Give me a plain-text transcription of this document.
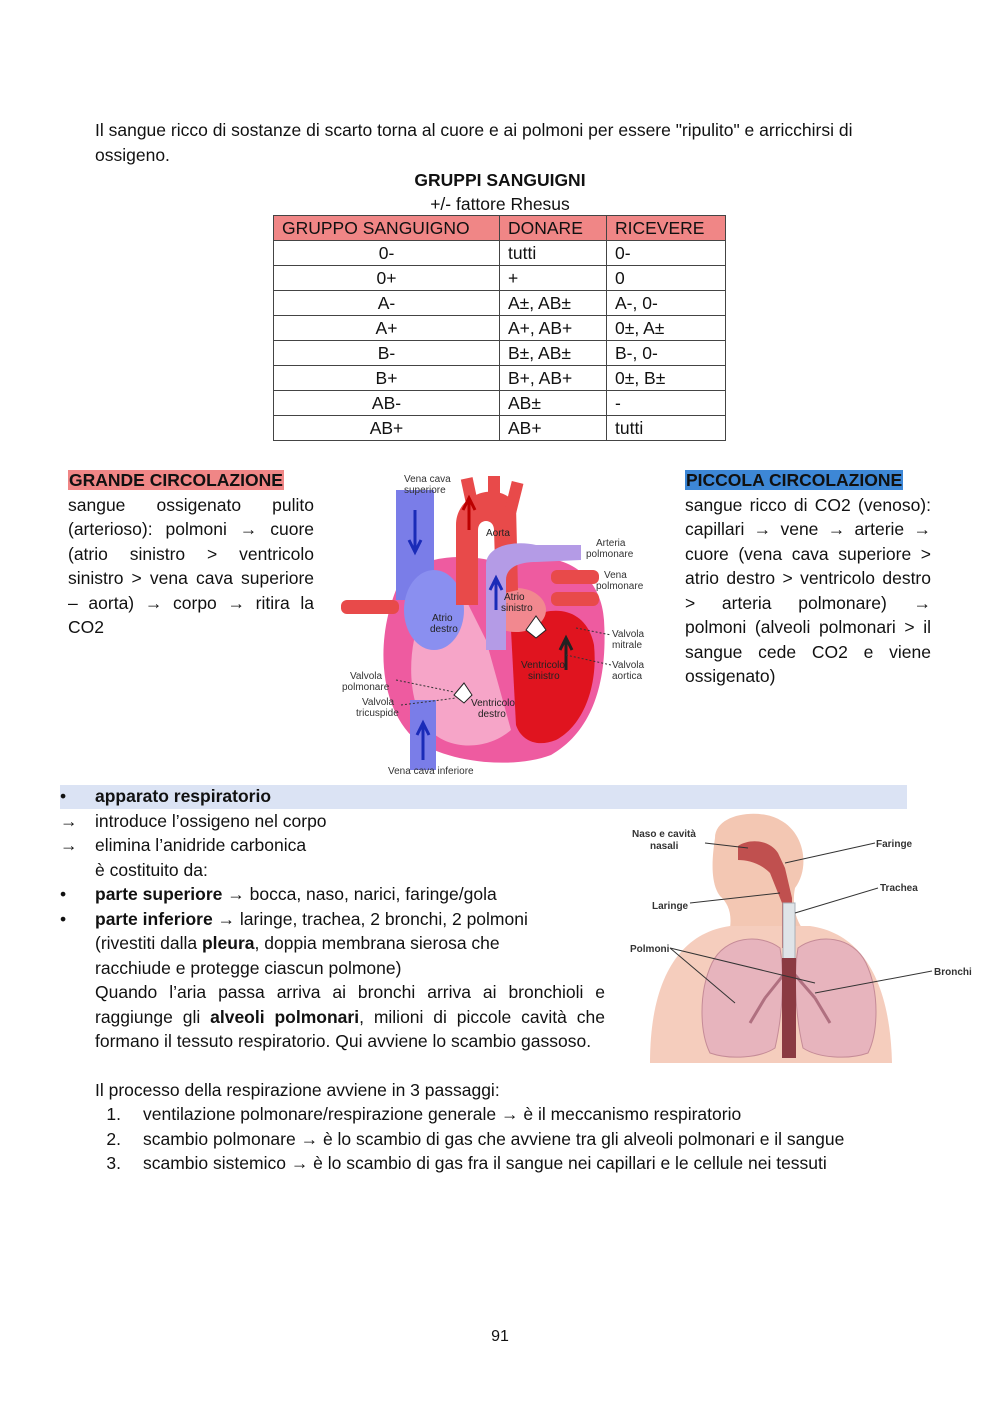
Il sangue ricco di sostanze di scarto torna al cuore e ai polmoni per essere "ripulito" e arricchirsi di
ossigeno.
GRUPPI SANGUIGNI
+/- fattore Rhesus
GRUPPO SANGUIGNO	DONARE	RICEVERE
0-	tutti	0-
0+	+	0
A-	A±, AB±	A-, 0-
A+	A+, AB+	0±, A±
B-	B±, AB±	B-, 0-
B+	B+, AB+	0±, B±
AB-	AB±	-
AB+	AB+	tutti
GRANDE CIRCOLAZIONE
sangue ossigenato pulito (arterioso): polmoni → cuore (atrio sinistro > ventricolo sinistro > vena cava superiore – aorta) → corpo → ritira la CO2
PICCOLA CIRCOLAZIONE
sangue ricco di CO2 (venoso): capillari → vene → arterie → cuore (vena cava superiore > atrio destro > ventricolo destro > arteria polmonare) → polmoni (alveoli polmonari > il sangue cede CO2 e viene ossigenato)
Vena cava
superiore
Aorta
Arteria
polmonare
Vena
polmonare
Atrio
sinistro
Atrio
destro	Valvola
mitrale
Ventricolo
sinistro
Valvola
aortica
Valvola
polmonare
Valvola
tricuspide
Ventricolo
destro
Vena cava inferiore
•	apparato respiratorio
→	introduce l’ossigeno nel corpo
→	elimina l’anidride carbonica
è costituito da:
•	parte superiore → bocca, naso, narici, faringe/gola
•	parte inferiore → laringe, trachea, 2 bronchi, 2 polmoni
(rivestiti dalla pleura, doppia membrana sierosa che
racchiude e protegge ciascun polmone)
Quando l’aria passa arriva ai bronchi arriva ai bronchioli e raggiunge gli alveoli polmonari, milioni di piccole cavità che formano il tessuto respiratorio. Qui avviene lo scambio gassoso.
Il processo della respirazione avviene in 3 passaggi:
1. ventilazione polmonare/respirazione generale → è il meccanismo respiratorio
2. scambio polmonare → è lo scambio di gas che avviene tra gli alveoli polmonari e il sangue
3. scambio sistemico → è lo scambio di gas fra il sangue nei capillari e le cellule nei tessuti
Naso e cavità
nasali	Faringe
Trachea
Laringe
Polmoni
Bronchi
91
